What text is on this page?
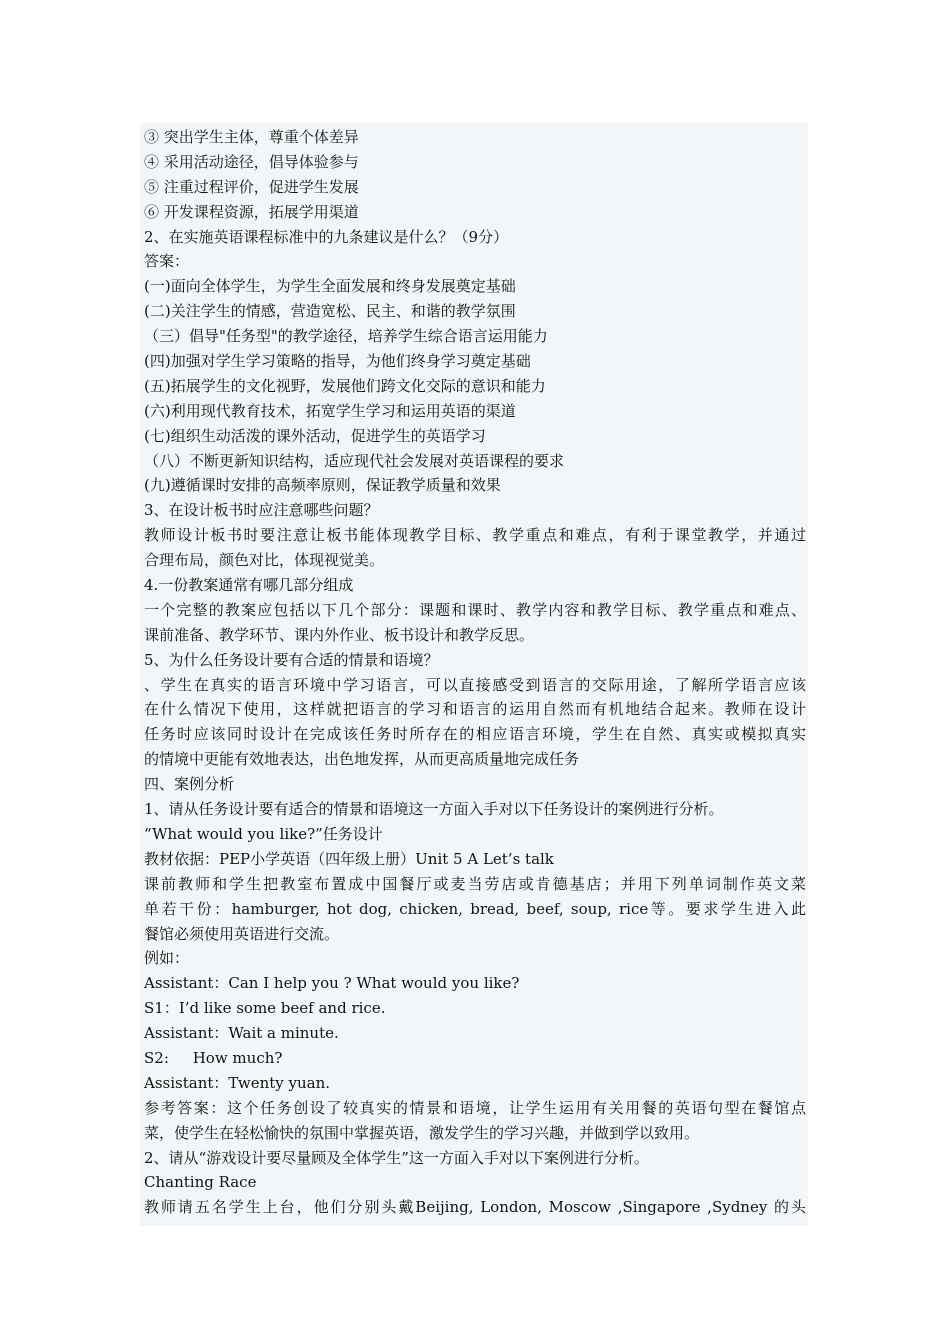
③ 突出学生主体，尊重个体差异
④ 采用活动途径，倡导体验参与
⑤ 注重过程评价，促进学生发展
⑥ 开发课程资源，拓展学用渠道
2、在实施英语课程标准中的九条建议是什么？（9分）
答案：
(一)面向全体学生，为学生全面发展和终身发展奠定基础
(二)关注学生的情感，营造宽松、民主、和谐的教学氛围
（三）倡导"任务型"的教学途径，培养学生综合语言运用能力
(四)加强对学生学习策略的指导，为他们终身学习奠定基础
(五)拓展学生的文化视野，发展他们跨文化交际的意识和能力
(六)利用现代教育技术，拓宽学生学习和运用英语的渠道
(七)组织生动活泼的课外活动，促进学生的英语学习
（八）不断更新知识结构，适应现代社会发展对英语课程的要求
(九)遵循课时安排的高频率原则，保证教学质量和效果
3、在设计板书时应注意哪些问题？
教师设计板书时要注意让板书能体现教学目标、教学重点和难点，有利于课堂教学，并通过
合理布局，颜色对比，体现视觉美。
4.一份教案通常有哪几部分组成
一个完整的教案应包括以下几个部分：课题和课时、教学内容和教学目标、教学重点和难点、
课前准备、教学环节、课内外作业、板书设计和教学反思。
5、为什么任务设计要有合适的情景和语境？
、学生在真实的语言环境中学习语言，可以直接感受到语言的交际用途，了解所学语言应该
在什么情况下使用，这样就把语言的学习和语言的运用自然而有机地结合起来。教师在设计
任务时应该同时设计在完成该任务时所存在的相应语言环境，学生在自然、真实或模拟真实
的情境中更能有效地表达，出色地发挥，从而更高质量地完成任务
四、案例分析
1、请从任务设计要有适合的情景和语境这一方面入手对以下任务设计的案例进行分析。
“What would you like?”任务设计
教材依据：PEP小学英语（四年级上册）Unit 5 A Let’s talk
课前教师和学生把教室布置成中国餐厅或麦当劳店或肯德基店；并用下列单词制作英文菜
单若干份：hamburger, hot dog, chicken, bread, beef, soup, rice等。要求学生进入此
餐馆必须使用英语进行交流。
例如：
Assistant：Can I help you ? What would you like?
S1：I’d like some beef and rice.
Assistant：Wait a minute.
S2:     How much?
Assistant：Twenty yuan.
参考答案：这个任务创设了较真实的情景和语境，让学生运用有关用餐的英语句型在餐馆点
菜，使学生在轻松愉快的氛围中掌握英语，激发学生的学习兴趣，并做到学以致用。
2、请从“游戏设计要尽量顾及全体学生”这一方面入手对以下案例进行分析。
Chanting Race
教师请五名学生上台，他们分别头戴Beijing, London, Moscow ,Singapore ,Sydney 的头
